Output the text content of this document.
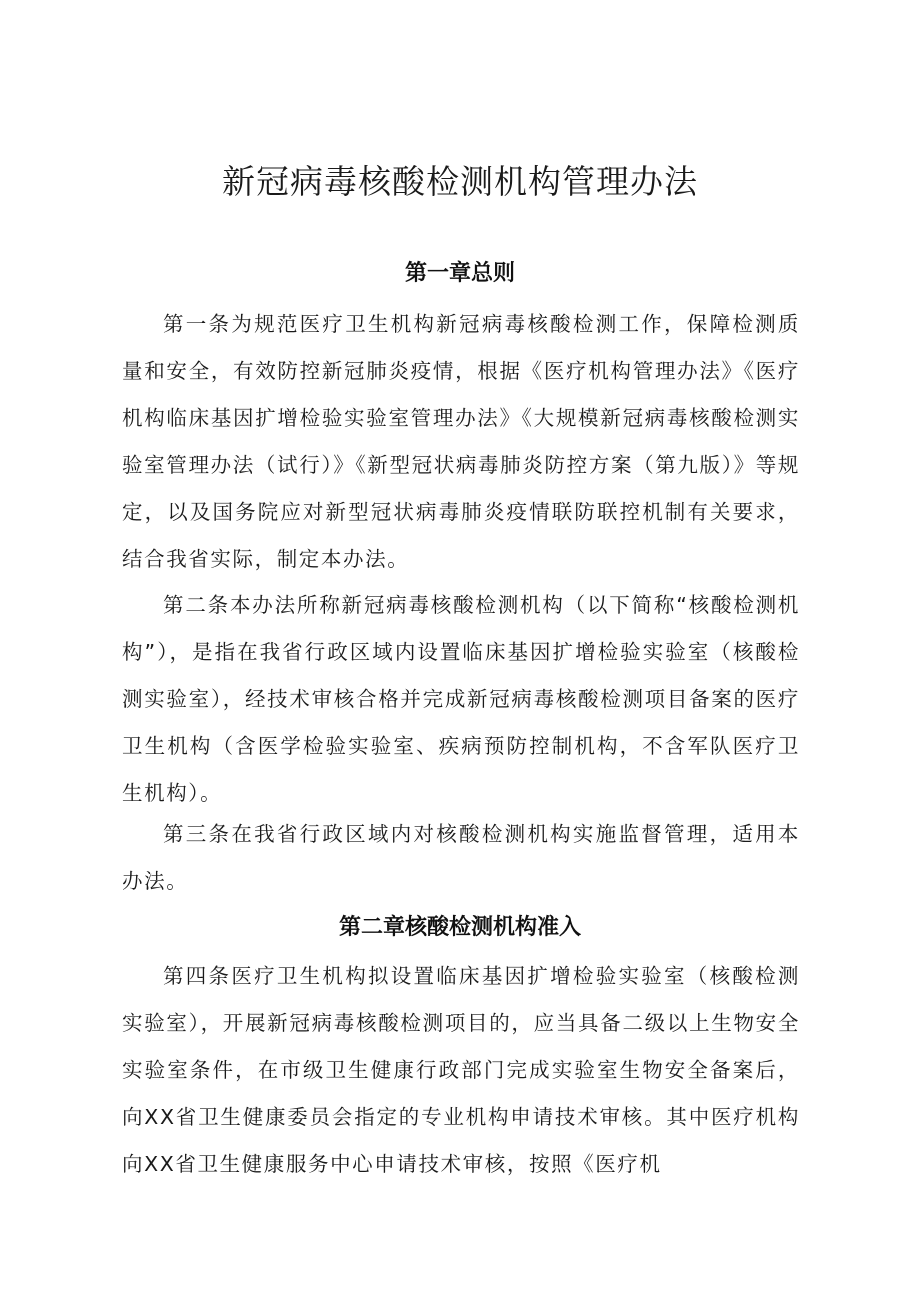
新冠病毒核酸检测机构管理办法
第一章总则

第一条为规范医疗卫生机构新冠病毒核酸检测工作，保障检测质量和安全，有效防控新冠肺炎疫情，根据《医疗机构管理办法》《医疗机构临床基因扩增检验实验室管理办法》《大规模新冠病毒核酸检测实验室管理办法（试行）》《新型冠状病毒肺炎防控方案（第九版）》等规定，以及国务院应对新型冠状病毒肺炎疫情联防联控机制有关要求，结合我省实际，制定本办法。

第二条本办法所称新冠病毒核酸检测机构（以下简称“核酸检测机构”），是指在我省行政区域内设置临床基因扩增检验实验室（核酸检测实验室），经技术审核合格并完成新冠病毒核酸检测项目备案的医疗卫生机构（含医学检验实验室、疾病预防控制机构，不含军队医疗卫生机构）。

第三条在我省行政区域内对核酸检测机构实施监督管理，适用本办法。

第二章核酸检测机构准入

第四条医疗卫生机构拟设置临床基因扩增检验实验室（核酸检测实验室），开展新冠病毒核酸检测项目的，应当具备二级以上生物安全实验室条件，在市级卫生健康行政部门完成实验室生物安全备案后，向XX省卫生健康委员会指定的专业机构申请技术审核。其中医疗机构向XX省卫生健康服务中心申请技术审核，按照《医疗机
